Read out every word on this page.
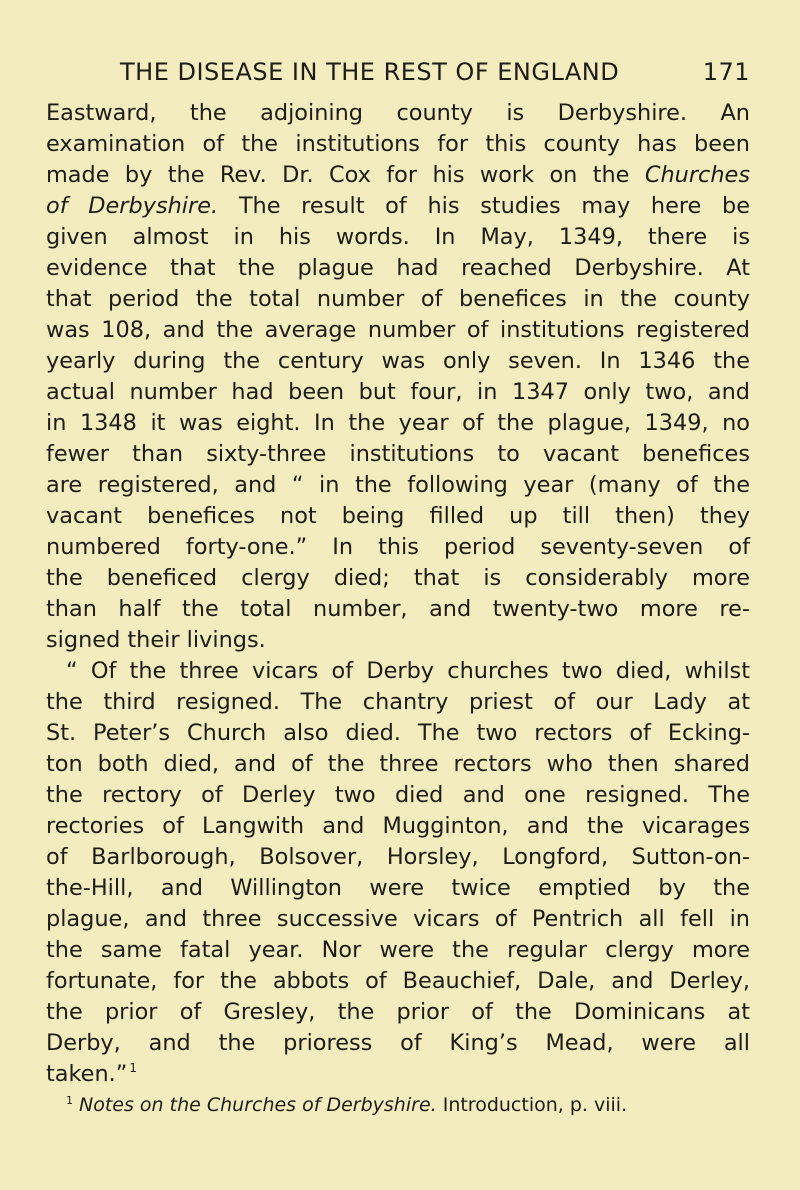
THE DISEASE IN THE REST OF ENGLAND	171
Eastward, the adjoining county is Derbyshire. An
examination of the institutions for this county has been
made by the Rev. Dr. Cox for his work on the Churches
of Derbyshire. The result of his studies may here be
given almost in his words. In May, 1349, there is
evidence that the plague had reached Derbyshire. At
that period the total number of benefices in the county
was 108, and the average number of institutions registered
yearly during the century was only seven. In 1346 the
actual number had been but four, in 1347 only two, and
in 1348 it was eight. In the year of the plague, 1349, no
fewer than sixty-three institutions to vacant benefices
are registered, and “ in the following year (many of the
vacant benefices not being filled up till then) they
numbered forty-one.” In this period seventy-seven of
the beneficed clergy died; that is considerably more
than half the total number, and twenty-two more re-
signed their livings.
“ Of the three vicars of Derby churches two died, whilst
the third resigned. The chantry priest of our Lady at
St. Peter’s Church also died. The two rectors of Ecking-
ton both died, and of the three rectors who then shared
the rectory of Derley two died and one resigned. The
rectories of Langwith and Mugginton, and the vicarages
of Barlborough, Bolsover, Horsley, Longford, Sutton-on-
the-Hill, and Willington were twice emptied by the
plague, and three successive vicars of Pentrich all fell in
the same fatal year. Nor were the regular clergy more
fortunate, for the abbots of Beauchief, Dale, and Derley,
the prior of Gresley, the prior of the Dominicans at
Derby, and the prioress of King’s Mead, were all
taken.” $^1$
$^1$ Notes on the Churches of Derbyshire. Introduction, p. viii.
